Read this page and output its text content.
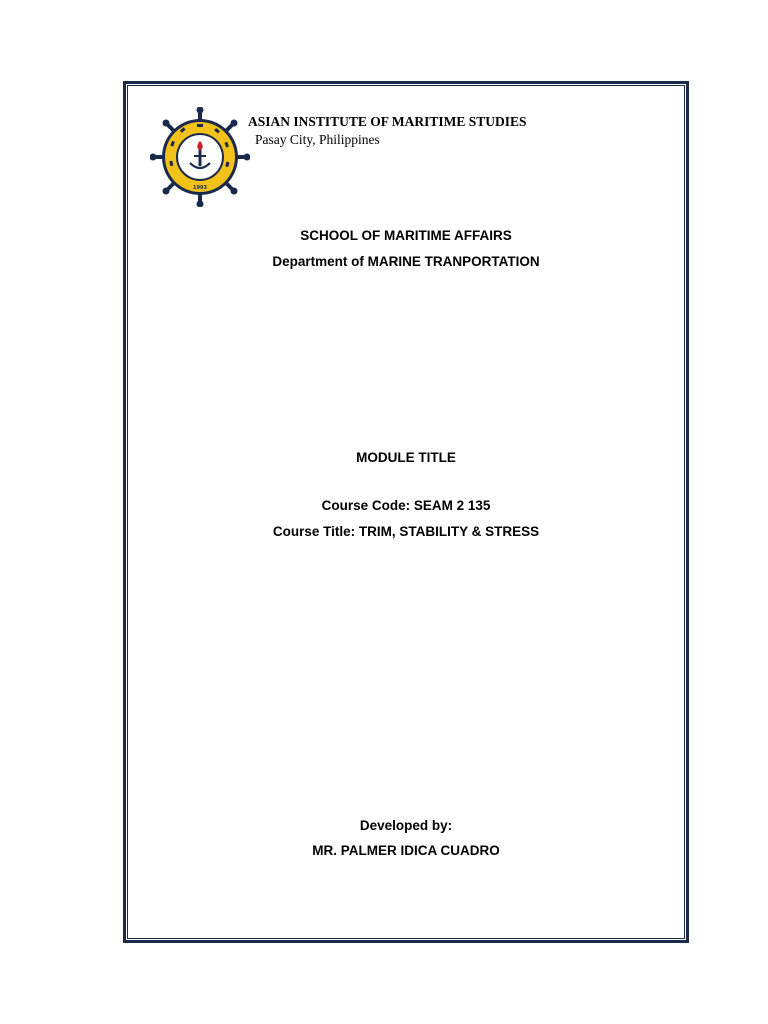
1993
ASIAN INSTITUTE OF MARITIME STUDIES
Pasay City, Philippines
SCHOOL OF MARITIME AFFAIRS
Department of MARINE TRANPORTATION
MODULE TITLE
Course Code: SEAM 2 135
Course Title: TRIM, STABILITY & STRESS
Developed by:
MR. PALMER IDICA CUADRO
